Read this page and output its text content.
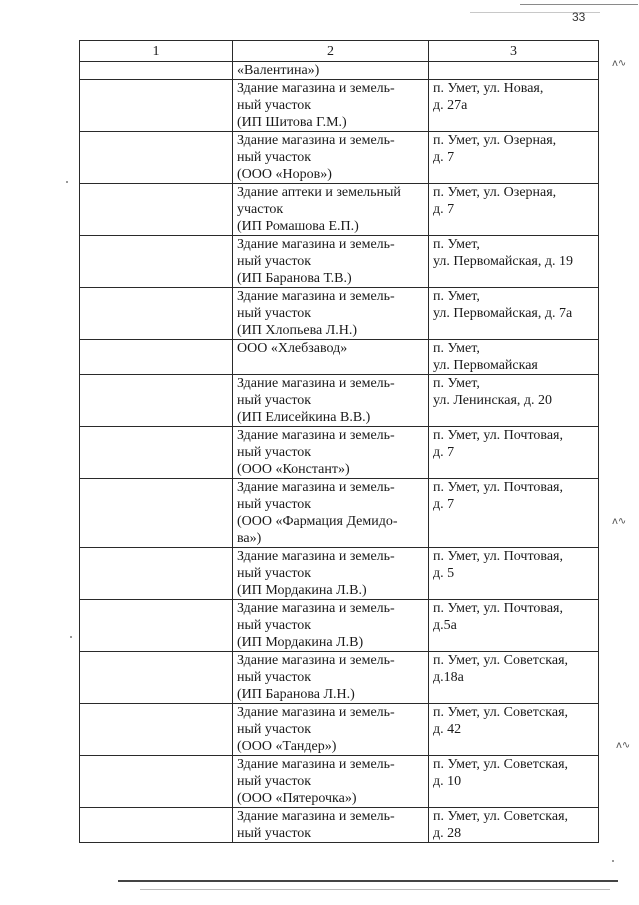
33
1	2	3
	«Валентина»)	
	Здание магазина и земель-
ный участок
(ИП Шитова Г.М.)	п. Умет, ул. Новая,
д. 27а
	Здание магазина и земель-
ный участок
(ООО «Норов»)	п. Умет, ул. Озерная,
д. 7
	Здание аптеки и земельный
участок
(ИП Ромашова Е.П.)	п. Умет, ул. Озерная,
д. 7
	Здание магазина и земель-
ный участок
(ИП Баранова Т.В.)	п. Умет,
ул. Первомайская, д. 19
	Здание магазина и земель-
ный участок
(ИП Хлопьева Л.Н.)	п. Умет,
ул. Первомайская, д. 7а
	ООО «Хлебзавод»	п. Умет,
ул. Первомайская
	Здание магазина и земель-
ный участок
(ИП Елисейкина В.В.)	п. Умет,
ул. Ленинская, д. 20
	Здание магазина и земель-
ный участок
(ООО «Констант»)	п. Умет, ул. Почтовая,
д. 7
	Здание магазина и земель-
ный участок
(ООО «Фармация Демидо-
ва»)	п. Умет, ул. Почтовая,
д. 7
	Здание магазина и земель-
ный участок
(ИП Мордакина Л.В.)	п. Умет, ул. Почтовая,
д. 5
	Здание магазина и земель-
ный участок
(ИП Мордакина Л.В)	п. Умет, ул. Почтовая,
д.5а
	Здание магазина и земель-
ный участок
(ИП Баранова Л.Н.)	п. Умет, ул. Советская,
д.18а
	Здание магазина и земель-
ный участок
(ООО «Тандер»)	п. Умет, ул. Советская,
д. 42
	Здание магазина и земель-
ный участок
(ООО «Пятерочка»)	п. Умет, ул. Советская,
д. 10
	Здание магазина и земель-
ный участок	п. Умет, ул. Советская,
д. 28
ʌ∿
ʌ∿
ʌ∿
